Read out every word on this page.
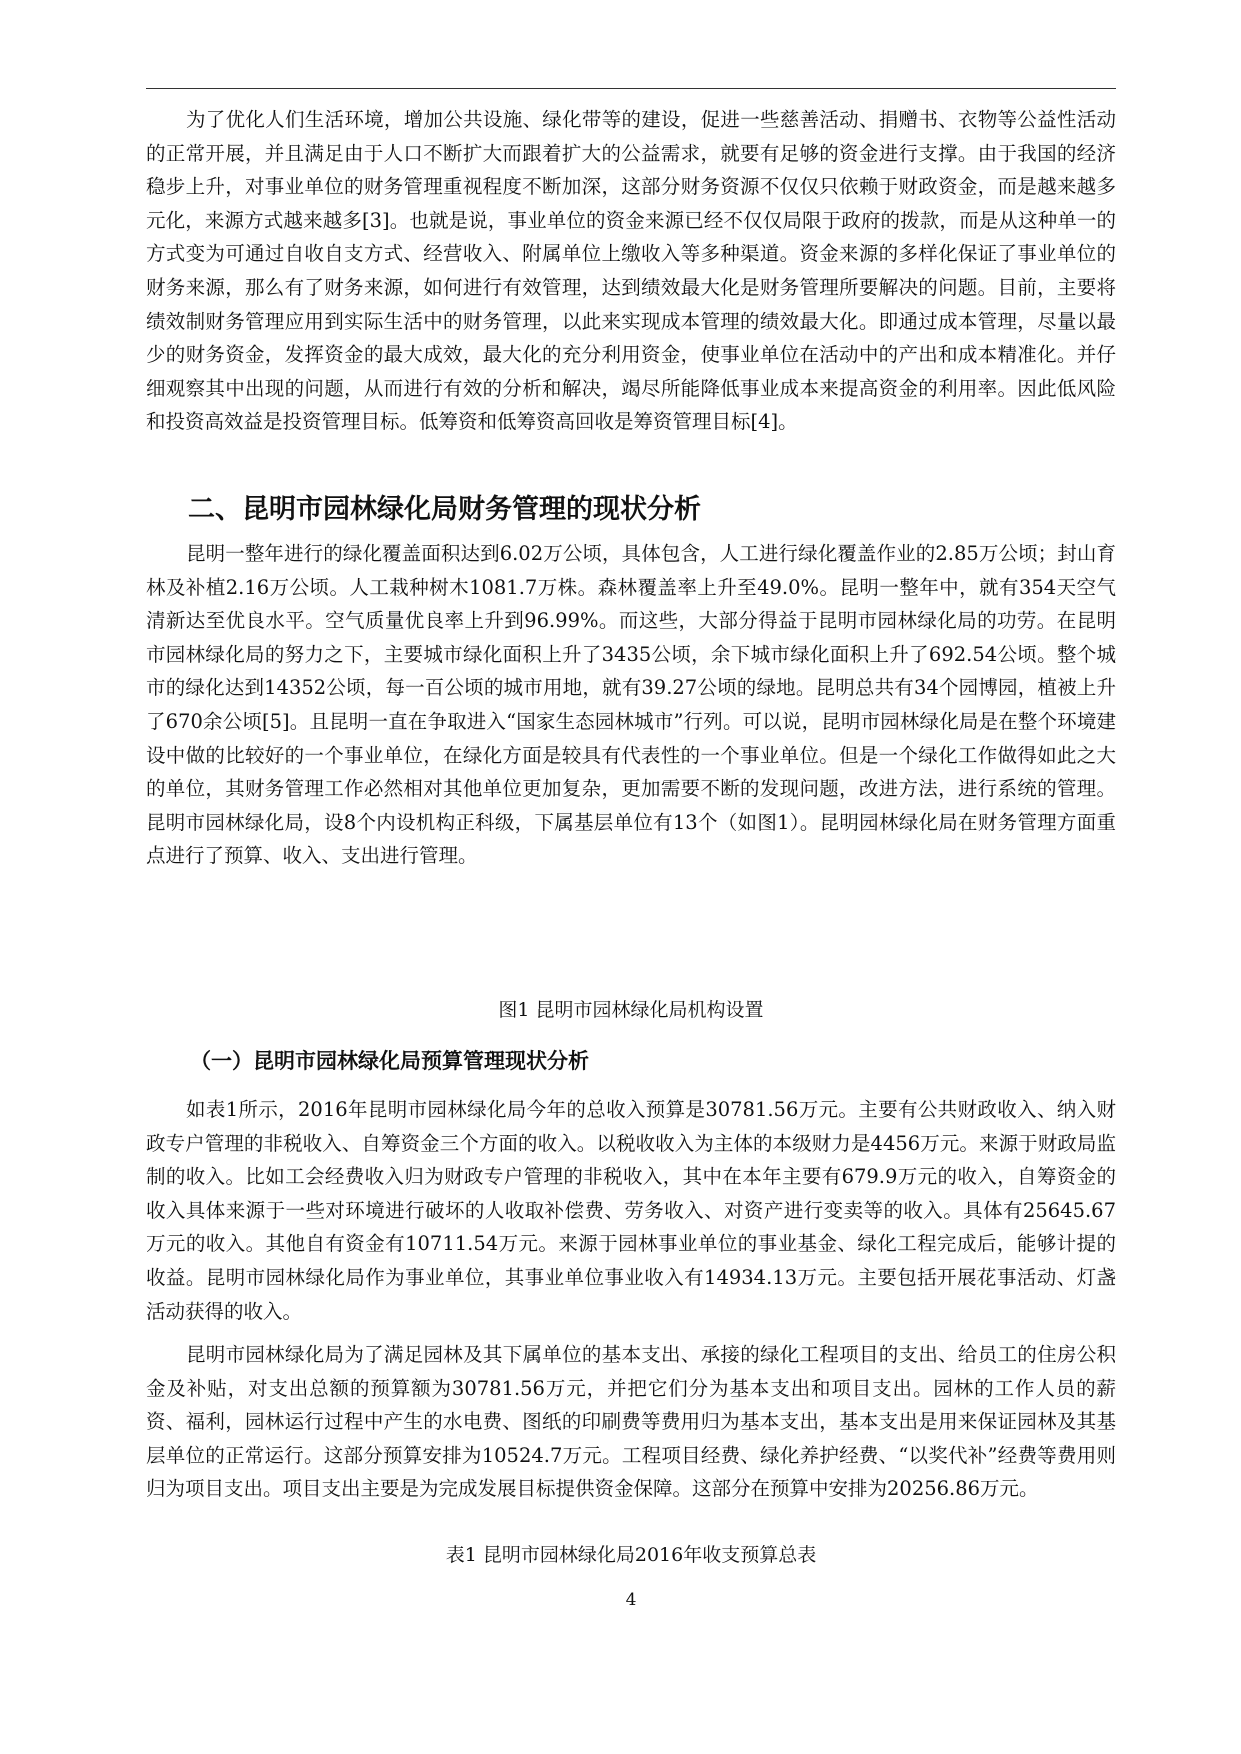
为了优化人们生活环境，增加公共设施、绿化带等的建设，促进一些慈善活动、捐赠书、衣物等公益性活动的正常开展，并且满足由于人口不断扩大而跟着扩大的公益需求，就要有足够的资金进行支撑。由于我国的经济稳步上升，对事业单位的财务管理重视程度不断加深，这部分财务资源不仅仅只依赖于财政资金，而是越来越多元化，来源方式越来越多[3]。也就是说，事业单位的资金来源已经不仅仅局限于政府的拨款，而是从这种单一的方式变为可通过自收自支方式、经营收入、附属单位上缴收入等多种渠道。资金来源的多样化保证了事业单位的财务来源，那么有了财务来源，如何进行有效管理，达到绩效最大化是财务管理所要解决的问题。目前，主要将绩效制财务管理应用到实际生活中的财务管理，以此来实现成本管理的绩效最大化。即通过成本管理，尽量以最少的财务资金，发挥资金的最大成效，最大化的充分利用资金，使事业单位在活动中的产出和成本精准化。并仔细观察其中出现的问题，从而进行有效的分析和解决，竭尽所能降低事业成本来提高资金的利用率。因此低风险和投资高效益是投资管理目标。低筹资和低筹资高回收是筹资管理目标[4]。

二、昆明市园林绿化局财务管理的现状分析

昆明一整年进行的绿化覆盖面积达到6.02万公顷，具体包含，人工进行绿化覆盖作业的2.85万公顷；封山育林及补植2.16万公顷。人工栽种树木1081.7万株。森林覆盖率上升至49.0%。昆明一整年中，就有354天空气清新达至优良水平。空气质量优良率上升到96.99%。而这些，大部分得益于昆明市园林绿化局的功劳。在昆明市园林绿化局的努力之下，主要城市绿化面积上升了3435公顷，余下城市绿化面积上升了692.54公顷。整个城市的绿化达到14352公顷，每一百公顷的城市用地，就有39.27公顷的绿地。昆明总共有34个园博园，植被上升了670余公顷[5]。且昆明一直在争取进入“国家生态园林城市”行列。可以说，昆明市园林绿化局是在整个环境建设中做的比较好的一个事业单位，在绿化方面是较具有代表性的一个事业单位。但是一个绿化工作做得如此之大的单位，其财务管理工作必然相对其他单位更加复杂，更加需要不断的发现问题，改进方法，进行系统的管理。昆明市园林绿化局，设8个内设机构正科级，下属基层单位有13个（如图1）。昆明园林绿化局在财务管理方面重点进行了预算、收入、支出进行管理。

图1 昆明市园林绿化局机构设置

（一）昆明市园林绿化局预算管理现状分析

如表1所示，2016年昆明市园林绿化局今年的总收入预算是30781.56万元。主要有公共财政收入、纳入财政专户管理的非税收入、自筹资金三个方面的收入。以税收收入为主体的本级财力是4456万元。来源于财政局监制的收入。比如工会经费收入归为财政专户管理的非税收入，其中在本年主要有679.9万元的收入，自筹资金的收入具体来源于一些对环境进行破坏的人收取补偿费、劳务收入、对资产进行变卖等的收入。具体有25645.67万元的收入。其他自有资金有10711.54万元。来源于园林事业单位的事业基金、绿化工程完成后，能够计提的收益。昆明市园林绿化局作为事业单位，其事业单位事业收入有14934.13万元。主要包括开展花事活动、灯盏活动获得的收入。

昆明市园林绿化局为了满足园林及其下属单位的基本支出、承接的绿化工程项目的支出、给员工的住房公积金及补贴，对支出总额的预算额为30781.56万元，并把它们分为基本支出和项目支出。园林的工作人员的薪资、福利，园林运行过程中产生的水电费、图纸的印刷费等费用归为基本支出，基本支出是用来保证园林及其基层单位的正常运行。这部分预算安排为10524.7万元。工程项目经费、绿化养护经费、“以奖代补”经费等费用则归为项目支出。项目支出主要是为完成发展目标提供资金保障。这部分在预算中安排为20256.86万元。

表1 昆明市园林绿化局2016年收支预算总表

4
